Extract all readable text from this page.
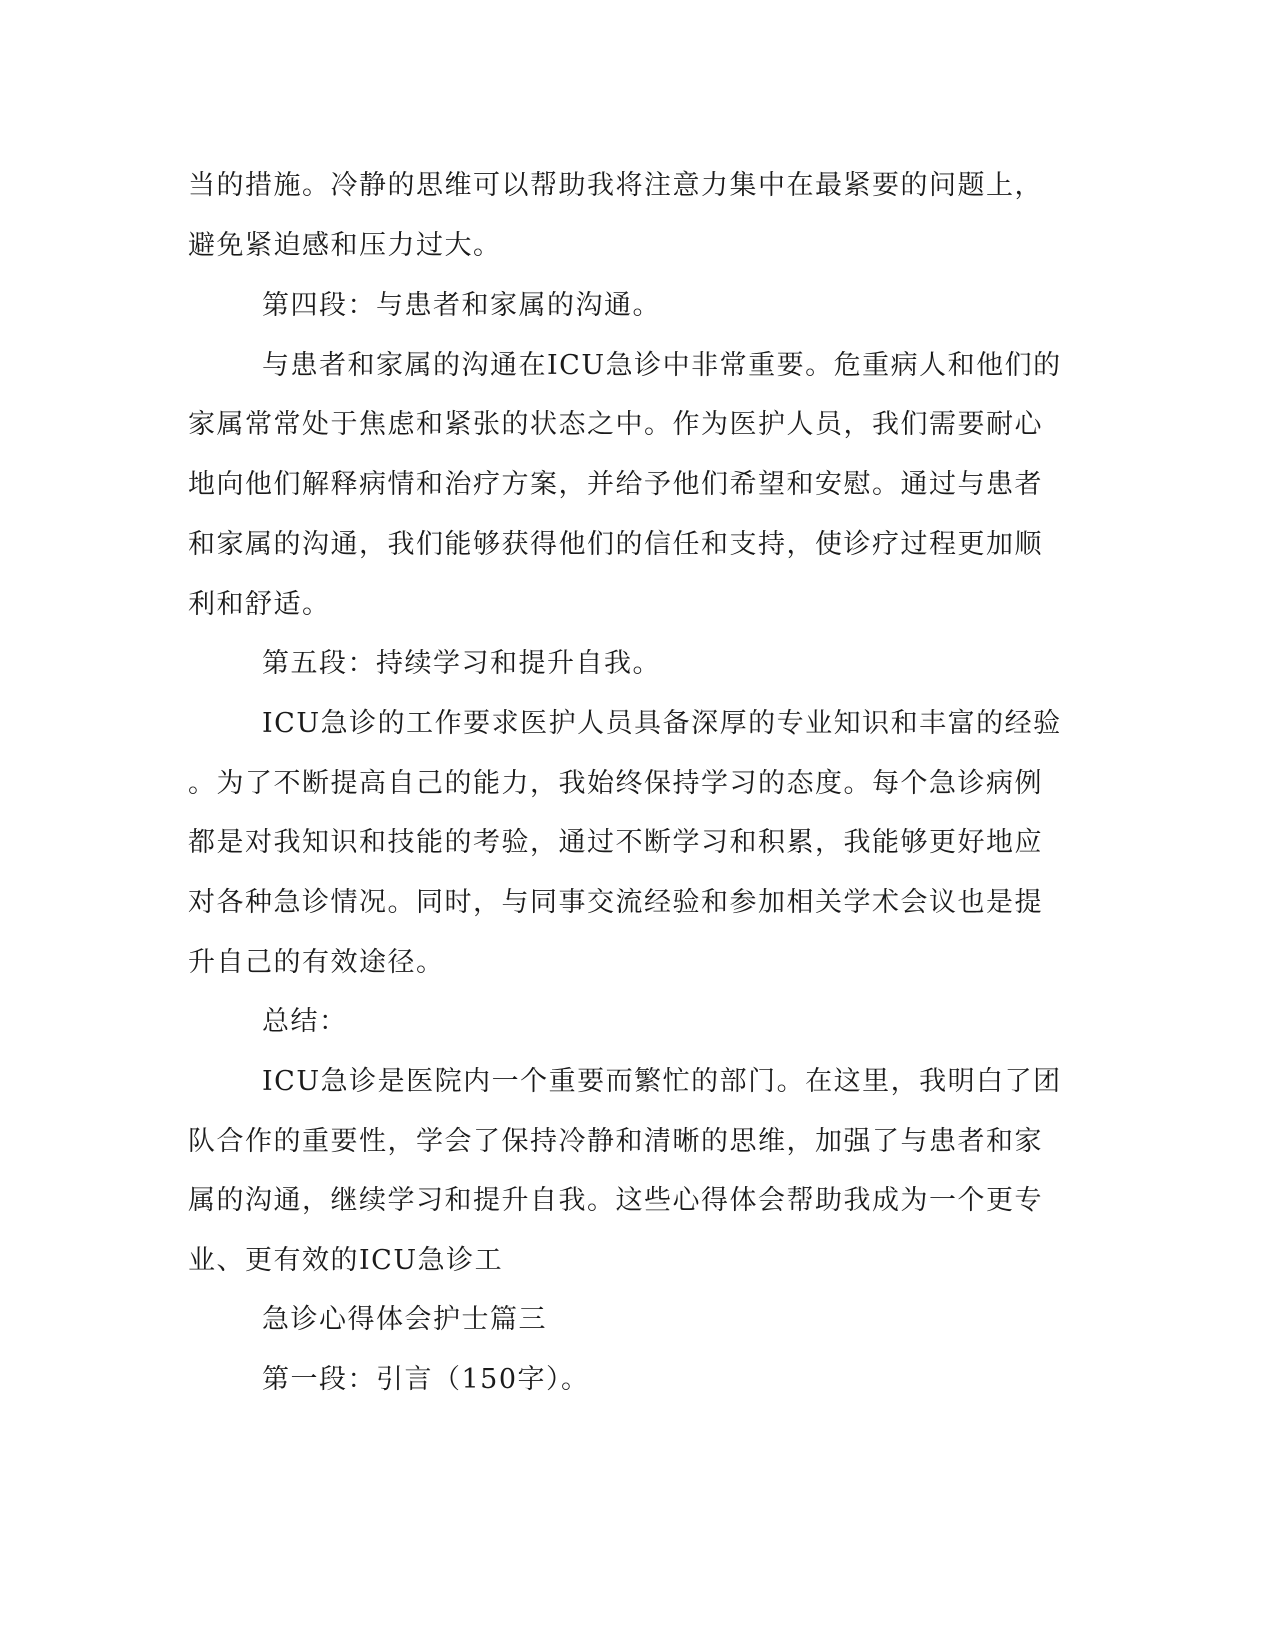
当的措施。冷静的思维可以帮助我将注意力集中在最紧要的问题上，
避免紧迫感和压力过大。
第四段：与患者和家属的沟通。
与患者和家属的沟通在ICU急诊中非常重要。危重病人和他们的
家属常常处于焦虑和紧张的状态之中。作为医护人员，我们需要耐心
地向他们解释病情和治疗方案，并给予他们希望和安慰。通过与患者
和家属的沟通，我们能够获得他们的信任和支持，使诊疗过程更加顺
利和舒适。
第五段：持续学习和提升自我。
ICU急诊的工作要求医护人员具备深厚的专业知识和丰富的经验
。为了不断提高自己的能力，我始终保持学习的态度。每个急诊病例
都是对我知识和技能的考验，通过不断学习和积累，我能够更好地应
对各种急诊情况。同时，与同事交流经验和参加相关学术会议也是提
升自己的有效途径。
总结：
ICU急诊是医院内一个重要而繁忙的部门。在这里，我明白了团
队合作的重要性，学会了保持冷静和清晰的思维，加强了与患者和家
属的沟通，继续学习和提升自我。这些心得体会帮助我成为一个更专
业、更有效的ICU急诊工
急诊心得体会护士篇三
第一段：引言（150字）。
